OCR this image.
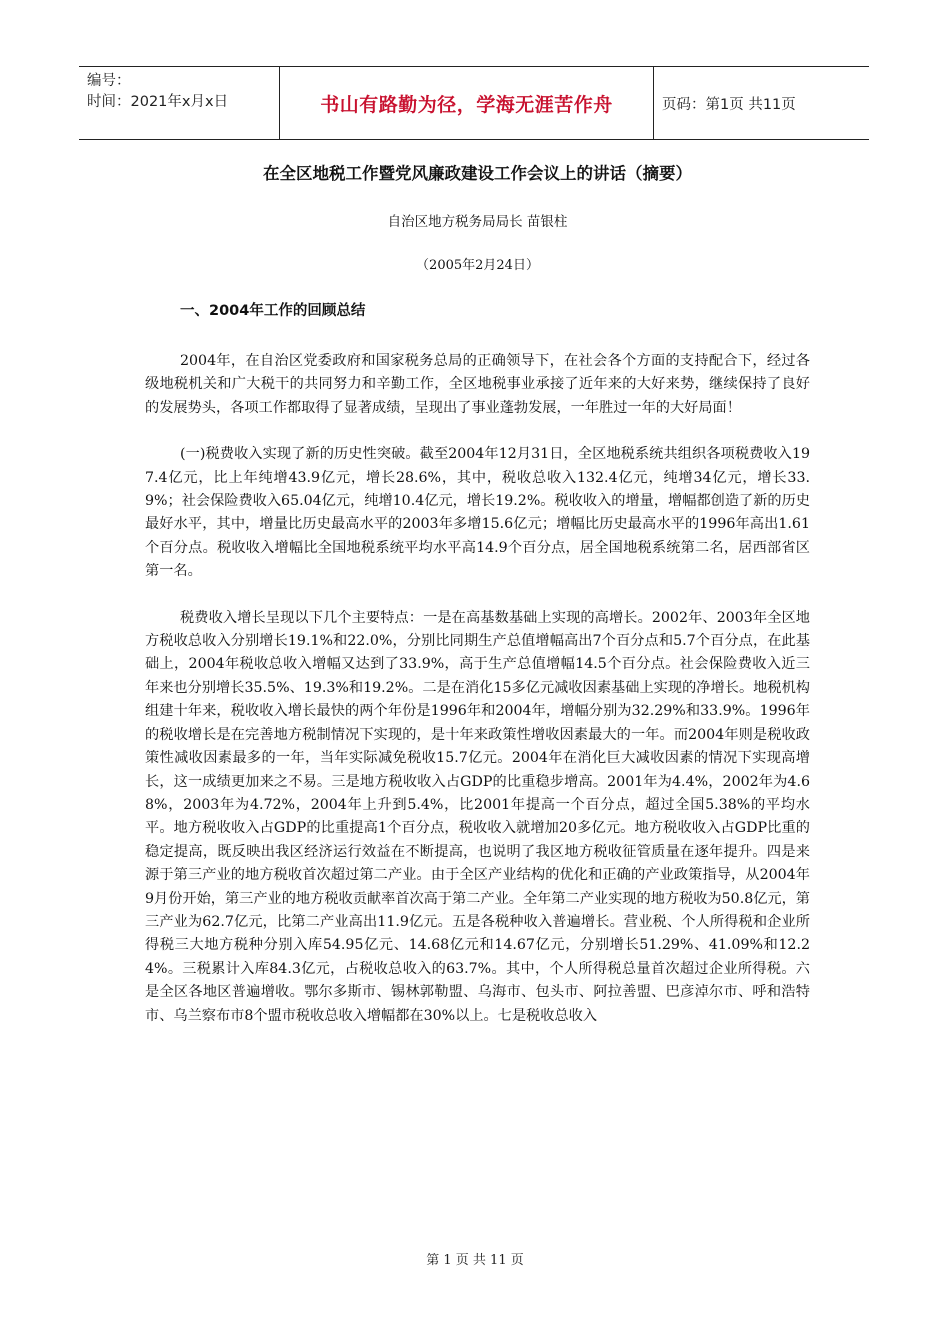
编号：
时间：2021年x月x日	书山有路勤为径，学海无涯苦作舟	页码：第1页 共11页
在全区地税工作暨党风廉政建设工作会议上的讲话（摘要）
自治区地方税务局局长 苗银柱
（2005年2月24日）
一、2004年工作的回顾总结

2004年，在自治区党委政府和国家税务总局的正确领导下，在社会各个方面的支持配合下，经过各级地税机关和广大税干的共同努力和辛勤工作，全区地税事业承接了近年来的大好来势，继续保持了良好的发展势头，各项工作都取得了显著成绩，呈现出了事业蓬勃发展，一年胜过一年的大好局面！

(一)税费收入实现了新的历史性突破。截至2004年12月31日，全区地税系统共组织各项税费收入197.4亿元，比上年纯增43.9亿元，增长28.6%，其中，税收总收入132.4亿元，纯增34亿元，增长33.9%；社会保险费收入65.04亿元，纯增10.4亿元，增长19.2%。税收收入的增量，增幅都创造了新的历史最好水平，其中，增量比历史最高水平的2003年多增15.6亿元；增幅比历史最高水平的1996年高出1.61个百分点。税收收入增幅比全国地税系统平均水平高14.9个百分点，居全国地税系统第二名，居西部省区第一名。

税费收入增长呈现以下几个主要特点：一是在高基数基础上实现的高增长。2002年、2003年全区地方税收总收入分别增长19.1%和22.0%，分别比同期生产总值增幅高出7个百分点和5.7个百分点，在此基础上，2004年税收总收入增幅又达到了33.9%，高于生产总值增幅14.5个百分点。社会保险费收入近三年来也分别增长35.5%、19.3%和19.2%。二是在消化15多亿元减收因素基础上实现的净增长。地税机构组建十年来，税收收入增长最快的两个年份是1996年和2004年，增幅分别为32.29%和33.9%。1996年的税收增长是在完善地方税制情况下实现的，是十年来政策性增收因素最大的一年。而2004年则是税收政策性减收因素最多的一年，当年实际减免税收15.7亿元。2004年在消化巨大减收因素的情况下实现高增长，这一成绩更加来之不易。三是地方税收收入占GDP的比重稳步增高。2001年为4.4%，2002年为4.68%，2003年为4.72%，2004年上升到5.4%，比2001年提高一个百分点，超过全国5.38%的平均水平。地方税收收入占GDP的比重提高1个百分点，税收收入就增加20多亿元。地方税收收入占GDP比重的稳定提高，既反映出我区经济运行效益在不断提高，也说明了我区地方税收征管质量在逐年提升。四是来源于第三产业的地方税收首次超过第二产业。由于全区产业结构的优化和正确的产业政策指导，从2004年9月份开始，第三产业的地方税收贡献率首次高于第二产业。全年第二产业实现的地方税收为50.8亿元，第三产业为62.7亿元，比第二产业高出11.9亿元。五是各税种收入普遍增长。营业税、个人所得税和企业所得税三大地方税种分别入库54.95亿元、14.68亿元和14.67亿元，分别增长51.29%、41.09%和12.24%。三税累计入库84.3亿元，占税收总收入的63.7%。其中，个人所得税总量首次超过企业所得税。六是全区各地区普遍增收。鄂尔多斯市、锡林郭勒盟、乌海市、包头市、阿拉善盟、巴彦淖尔市、呼和浩特市、乌兰察布市8个盟市税收总收入增幅都在30%以上。七是税收总收入

第 1 页 共 11 页
